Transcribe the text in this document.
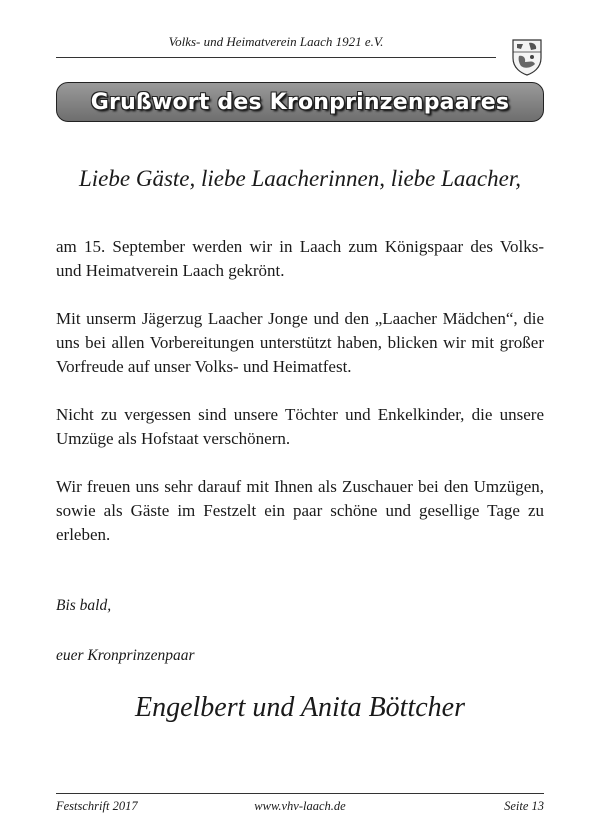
Volks- und Heimatverein Laach 1921 e.V.
Grußwort des Kronprinzenpaares
Liebe Gäste, liebe Laacherinnen, liebe Laacher,

am 15. September werden wir in Laach zum Königspaar des Volks- und Heimatverein Laach gekrönt.

Mit unserm Jägerzug Laacher Jonge und den „Laacher Mädchen“, die uns bei allen Vorbereitungen unterstützt haben, blicken wir mit großer Vorfreude auf unser Volks- und Heimatfest.

Nicht zu vergessen sind unsere Töchter und Enkelkinder, die unsere Umzüge als Hofstaat verschönern.

Wir freuen uns sehr darauf mit Ihnen als Zuschauer bei den Umzügen, sowie als Gäste im Festzelt ein paar schöne und gesellige Tage zu erleben.

Bis bald,
euer Kronprinzenpaar
Engelbert und Anita Böttcher
Festschrift 2017	www.vhv-laach.de	Seite 13
